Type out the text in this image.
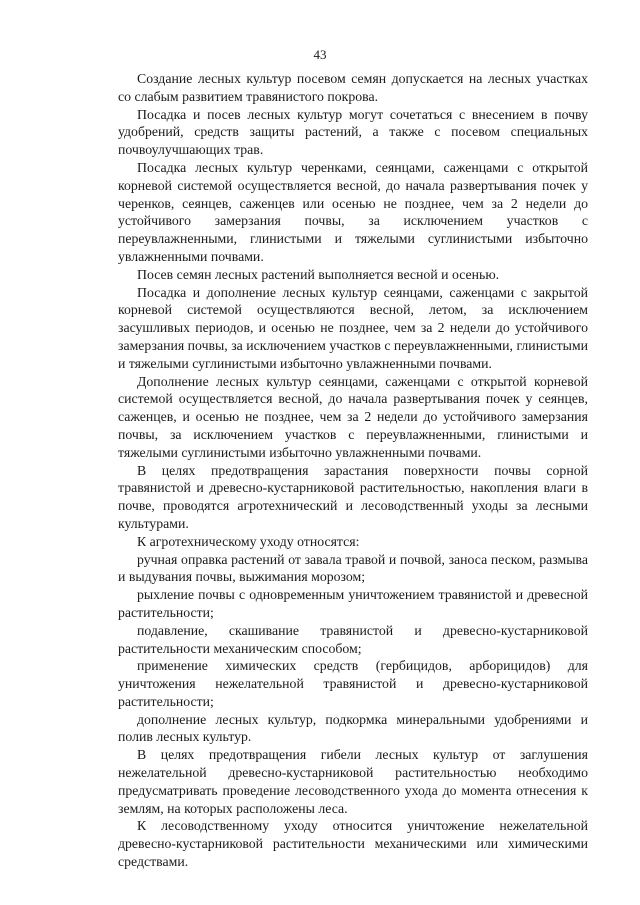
43

Создание лесных культур посевом семян допускается на лесных участках со слабым развитием травянистого покрова.

Посадка и посев лесных культур могут сочетаться с внесением в почву удобрений, средств защиты растений, а также с посевом специальных почвоулучшающих трав.

Посадка лесных культур черенками, сеянцами, саженцами с открытой корневой системой осуществляется весной, до начала развертывания почек у черенков, сеянцев, саженцев или осенью не позднее, чем за 2 недели до устойчивого замерзания почвы, за исключением участков с переувлажненными, глинистыми и тяжелыми суглинистыми избыточно увлажненными почвами.

Посев семян лесных растений выполняется весной и осенью.

Посадка и дополнение лесных культур сеянцами, саженцами с закрытой корневой системой осуществляются весной, летом, за исключением засушливых периодов, и осенью не позднее, чем за 2 недели до устойчивого замерзания почвы, за исключением участков с переувлажненными, глинистыми и тяжелыми суглинистыми избыточно увлажненными почвами.

Дополнение лесных культур сеянцами, саженцами с открытой корневой системой осуществляется весной, до начала развертывания почек у сеянцев, саженцев, и осенью не позднее, чем за 2 недели до устойчивого замерзания почвы, за исключением участков с переувлажненными, глинистыми и тяжелыми суглинистыми избыточно увлажненными почвами.

В целях предотвращения зарастания поверхности почвы сорной травянистой и древесно-кустарниковой растительностью, накопления влаги в почве, проводятся агротехнический и лесоводственный уходы за лесными культурами.

К агротехническому уходу относятся:

ручная оправка растений от завала травой и почвой, заноса песком, размыва и выдувания почвы, выжимания морозом;

рыхление почвы с одновременным уничтожением травянистой и древесной растительности;

подавление, скашивание травянистой и древесно-кустарниковой растительности механическим способом;

применение химических средств (гербицидов, арборицидов) для уничтожения нежелательной травянистой и древесно-кустарниковой растительности;

дополнение лесных культур, подкормка минеральными удобрениями и полив лесных культур.

В целях предотвращения гибели лесных культур от заглушения нежелательной древесно-кустарниковой растительностью необходимо предусматривать проведение лесоводственного ухода до момента отнесения к землям, на которых расположены леса.

К лесоводственному уходу относится уничтожение нежелательной древесно-кустарниковой растительности механическими или химическими средствами.
